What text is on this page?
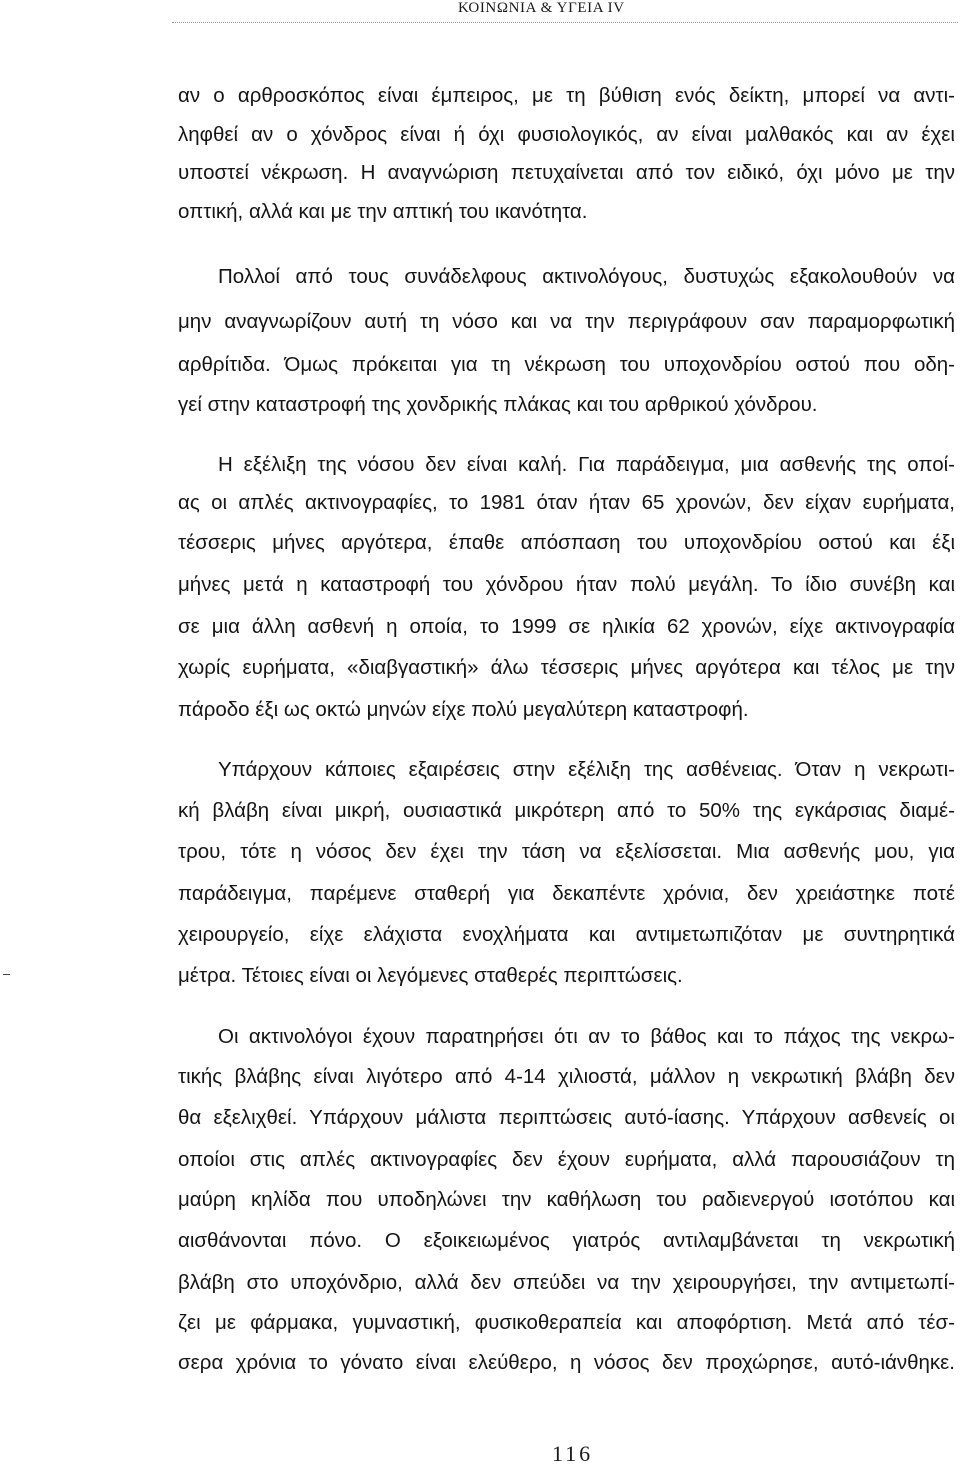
ΚΟΙΝΩΝΙΑ & ΥΓΕΙΑ IV
αν ο αρθροσκόπος είναι έμπειρος, με τη βύθιση ενός δείκτη, μπορεί να αντι-
ληφθεί αν ο χόνδρος είναι ή όχι φυσιολογικός, αν είναι μαλθακός και αν έχει
υποστεί νέκρωση. Η αναγνώριση πετυχαίνεται από τον ειδικό, όχι μόνο με την
οπτική, αλλά και με την απτική του ικανότητα.
Πολλοί από τους συνάδελφους ακτινολόγους, δυστυχώς εξακολουθούν να
μην αναγνωρίζουν αυτή τη νόσο και να την περιγράφουν σαν παραμορφωτική
αρθρίτιδα. Όμως πρόκειται για τη νέκρωση του υποχονδρίου οστού που οδη-
γεί στην καταστροφή της χονδρικής πλάκας και του αρθρικού χόνδρου.
Η εξέλιξη της νόσου δεν είναι καλή. Για παράδειγμα, μια ασθενής της οποί-
ας οι απλές ακτινογραφίες, το 1981 όταν ήταν 65 χρονών, δεν είχαν ευρήματα,
τέσσερις μήνες αργότερα, έπαθε απόσπαση του υποχονδρίου οστού και έξι
μήνες μετά η καταστροφή του χόνδρου ήταν πολύ μεγάλη. Το ίδιο συνέβη και
σε μια άλλη ασθενή η οποία, το 1999 σε ηλικία 62 χρονών, είχε ακτινογραφία
χωρίς ευρήματα, «διαβγαστική» άλω τέσσερις μήνες αργότερα και τέλος με την
πάροδο έξι ως οκτώ μηνών είχε πολύ μεγαλύτερη καταστροφή.
Υπάρχουν κάποιες εξαιρέσεις στην εξέλιξη της ασθένειας. Όταν η νεκρωτι-
κή βλάβη είναι μικρή, ουσιαστικά μικρότερη από το 50% της εγκάρσιας διαμέ-
τρου, τότε η νόσος δεν έχει την τάση να εξελίσσεται. Μια ασθενής μου, για
παράδειγμα, παρέμενε σταθερή για δεκαπέντε χρόνια, δεν χρειάστηκε ποτέ
χειρουργείο, είχε ελάχιστα ενοχλήματα και αντιμετωπιζόταν με συντηρητικά
μέτρα. Τέτοιες είναι οι λεγόμενες σταθερές περιπτώσεις.
Οι ακτινολόγοι έχουν παρατηρήσει ότι αν το βάθος και το πάχος της νεκρω-
τικής βλάβης είναι λιγότερο από 4-14 χιλιοστά, μάλλον η νεκρωτική βλάβη δεν
θα εξελιχθεί. Υπάρχουν μάλιστα περιπτώσεις αυτό-ίασης. Υπάρχουν ασθενείς οι
οποίοι στις απλές ακτινογραφίες δεν έχουν ευρήματα, αλλά παρουσιάζουν τη
μαύρη κηλίδα που υποδηλώνει την καθήλωση του ραδιενεργού ισοτόπου και
αισθάνονται πόνο. Ο εξοικειωμένος γιατρός αντιλαμβάνεται τη νεκρωτική
βλάβη στο υποχόνδριο, αλλά δεν σπεύδει να την χειρουργήσει, την αντιμετωπί-
ζει με φάρμακα, γυμναστική, φυσικοθεραπεία και αποφόρτιση. Μετά από τέσ-
σερα χρόνια το γόνατο είναι ελεύθερο, η νόσος δεν προχώρησε, αυτό-ιάνθηκε.
116
